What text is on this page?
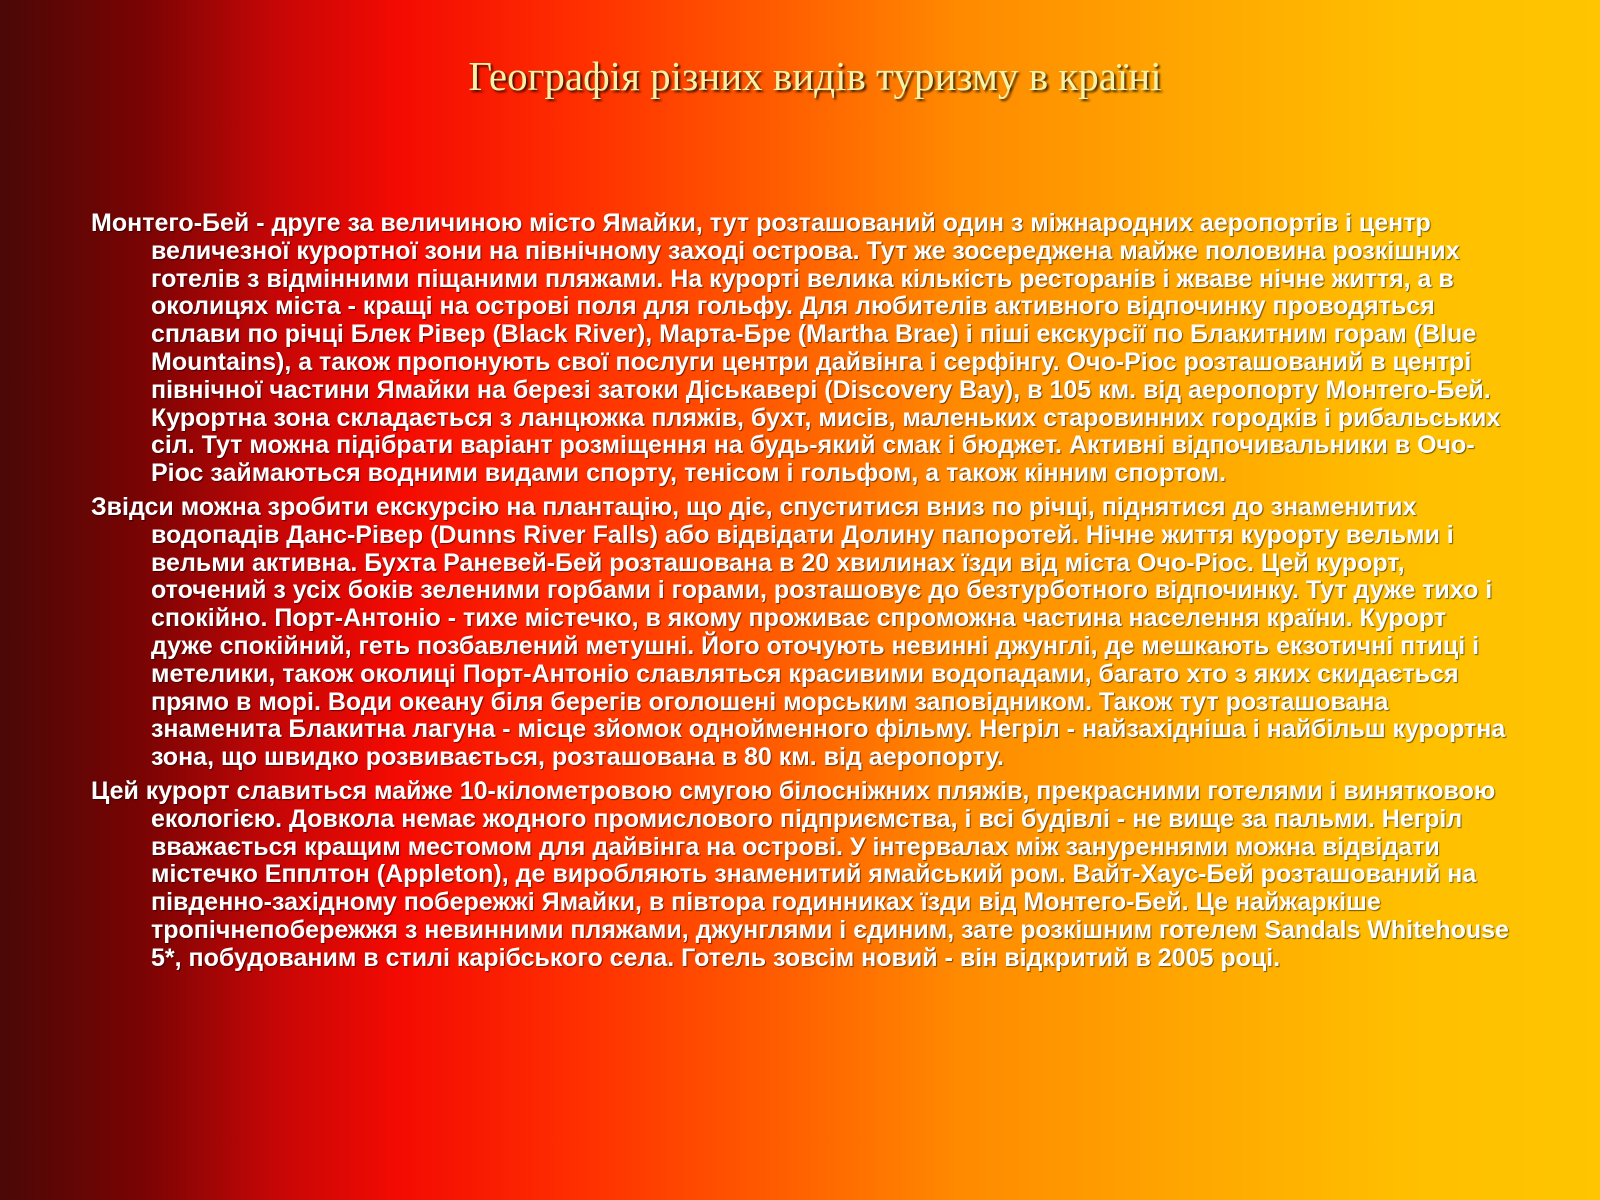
Географія різних видів туризму в країні

Монтего-Бей - друге за величиною місто Ямайки, тут розташований один з міжнародних аеропортів і центр величезної курортної зони на північному заході острова. Тут же зосереджена майже половина розкішних готелів з відмінними піщаними пляжами. На курорті велика кількість ресторанів і жваве нічне життя, а в околицях міста - кращі на острові поля для гольфу. Для любителів активного відпочинку проводяться сплави по річці Блек Рівер (Black River), Марта-Бре (Martha Brae) і піші екскурсії по Блакитним горам (Blue Mountains), а також пропонують свої послуги центри дайвінга і серфінгу. Очо-Ріос розташований в центрі північної частини Ямайки на березі затоки Діськавері (Discovery Bay), в 105 км. від аеропорту Монтего-Бей. Курортна зона складається з ланцюжка пляжів, бухт, мисів, маленьких старовинних городків і рибальських сіл. Тут можна підібрати варіант розміщення на будь-який смак і бюджет. Активні відпочивальники в Очо-Ріос займаються водними видами спорту, тенісом і гольфом, а також кінним спортом.

Звідси можна зробити екскурсію на плантацію, що діє, спуститися вниз по річці, піднятися до знаменитих водопадів Данс-Рівер (Dunns River Falls) або відвідати Долину папоротей. Нічне життя курорту вельми і вельми активна. Бухта Раневей-Бей розташована в 20 хвилинах їзди від міста Очо-Ріос. Цей курорт, оточений з усіх боків зеленими горбами і горами, розташовує до безтурботного відпочинку. Тут дуже тихо і спокійно. Порт-Антоніо - тихе містечко, в якому проживає спроможна частина населення країни. Курорт дуже спокійний, геть позбавлений метушні. Його оточують невинні джунглі, де мешкають екзотичні птиці і метелики, також околиці Порт-Антоніо славляться красивими водопадами, багато хто з яких скидається прямо в морі. Води океану біля берегів оголошені морським заповідником. Також тут розташована знаменита Блакитна лагуна - місце зйомок однойменного фільму. Негріл - найзахідніша і найбільш курортна зона, що швидко розвивається, розташована в 80 км. від аеропорту.

Цей курорт славиться майже 10-кілометровою смугою білосніжних пляжів, прекрасними готелями і винятковою екологією. Довкола немає жодного промислового підприємства, і всі будівлі - не вище за пальми. Негріл вважається кращим местомом для дайвінга на острові. У інтервалах між зануреннями можна відвідати містечко Епплтон (Appleton), де виробляють знаменитий ямайський ром. Вайт-Хаус-Бей розташований на південно-західному побережжі Ямайки, в півтора годинниках їзди від Монтего-Бей. Це найжаркіше тропічнепобережжя з невинними пляжами, джунглями і єдиним, зате розкішним готелем Sandals Whitehouse 5*, побудованим в стилі карібського села. Готель зовсім новий - він відкритий в 2005 році.
